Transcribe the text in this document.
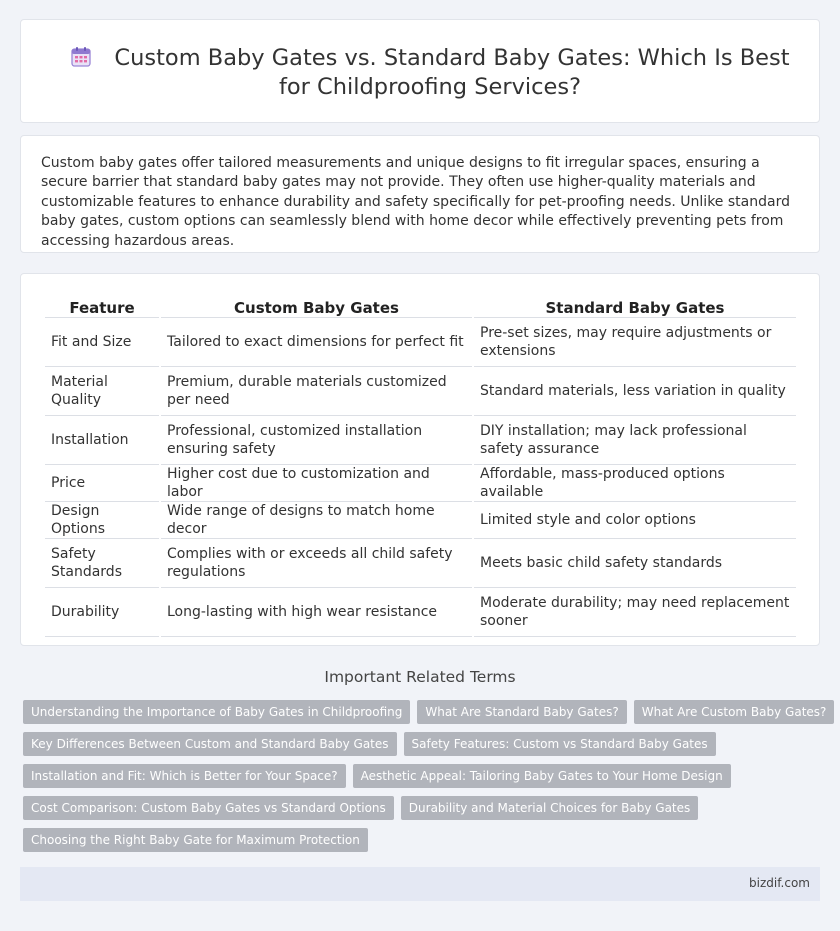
Custom Baby Gates vs. Standard Baby Gates: Which Is Best for Childproofing Services?

Custom baby gates offer tailored measurements and unique designs to fit irregular spaces, ensuring a secure barrier that standard baby gates may not provide. They often use higher-quality materials and customizable features to enhance durability and safety specifically for pet-proofing needs. Unlike standard baby gates, custom options can seamlessly blend with home decor while effectively preventing pets from accessing hazardous areas.

Feature	Custom Baby Gates	Standard Baby Gates
Fit and Size	Tailored to exact dimensions for perfect fit	Pre-set sizes, may require adjustments or extensions
Material Quality	Premium, durable materials customized per need	Standard materials, less variation in quality
Installation	Professional, customized installation ensuring safety	DIY installation; may lack professional safety assurance
Price	Higher cost due to customization and labor	Affordable, mass-produced options available
Design Options	Wide range of designs to match home decor	Limited style and color options
Safety Standards	Complies with or exceeds all child safety regulations	Meets basic child safety standards
Durability	Long-lasting with high wear resistance	Moderate durability; may need replacement sooner
Important Related Terms
Understanding the Importance of Baby Gates in Childproofing	What Are Standard Baby Gates?	What Are Custom Baby Gates?
Key Differences Between Custom and Standard Baby Gates	Safety Features: Custom vs Standard Baby Gates
Installation and Fit: Which is Better for Your Space?	Aesthetic Appeal: Tailoring Baby Gates to Your Home Design
Cost Comparison: Custom Baby Gates vs Standard Options	Durability and Material Choices for Baby Gates
Choosing the Right Baby Gate for Maximum Protection
bizdif.com
